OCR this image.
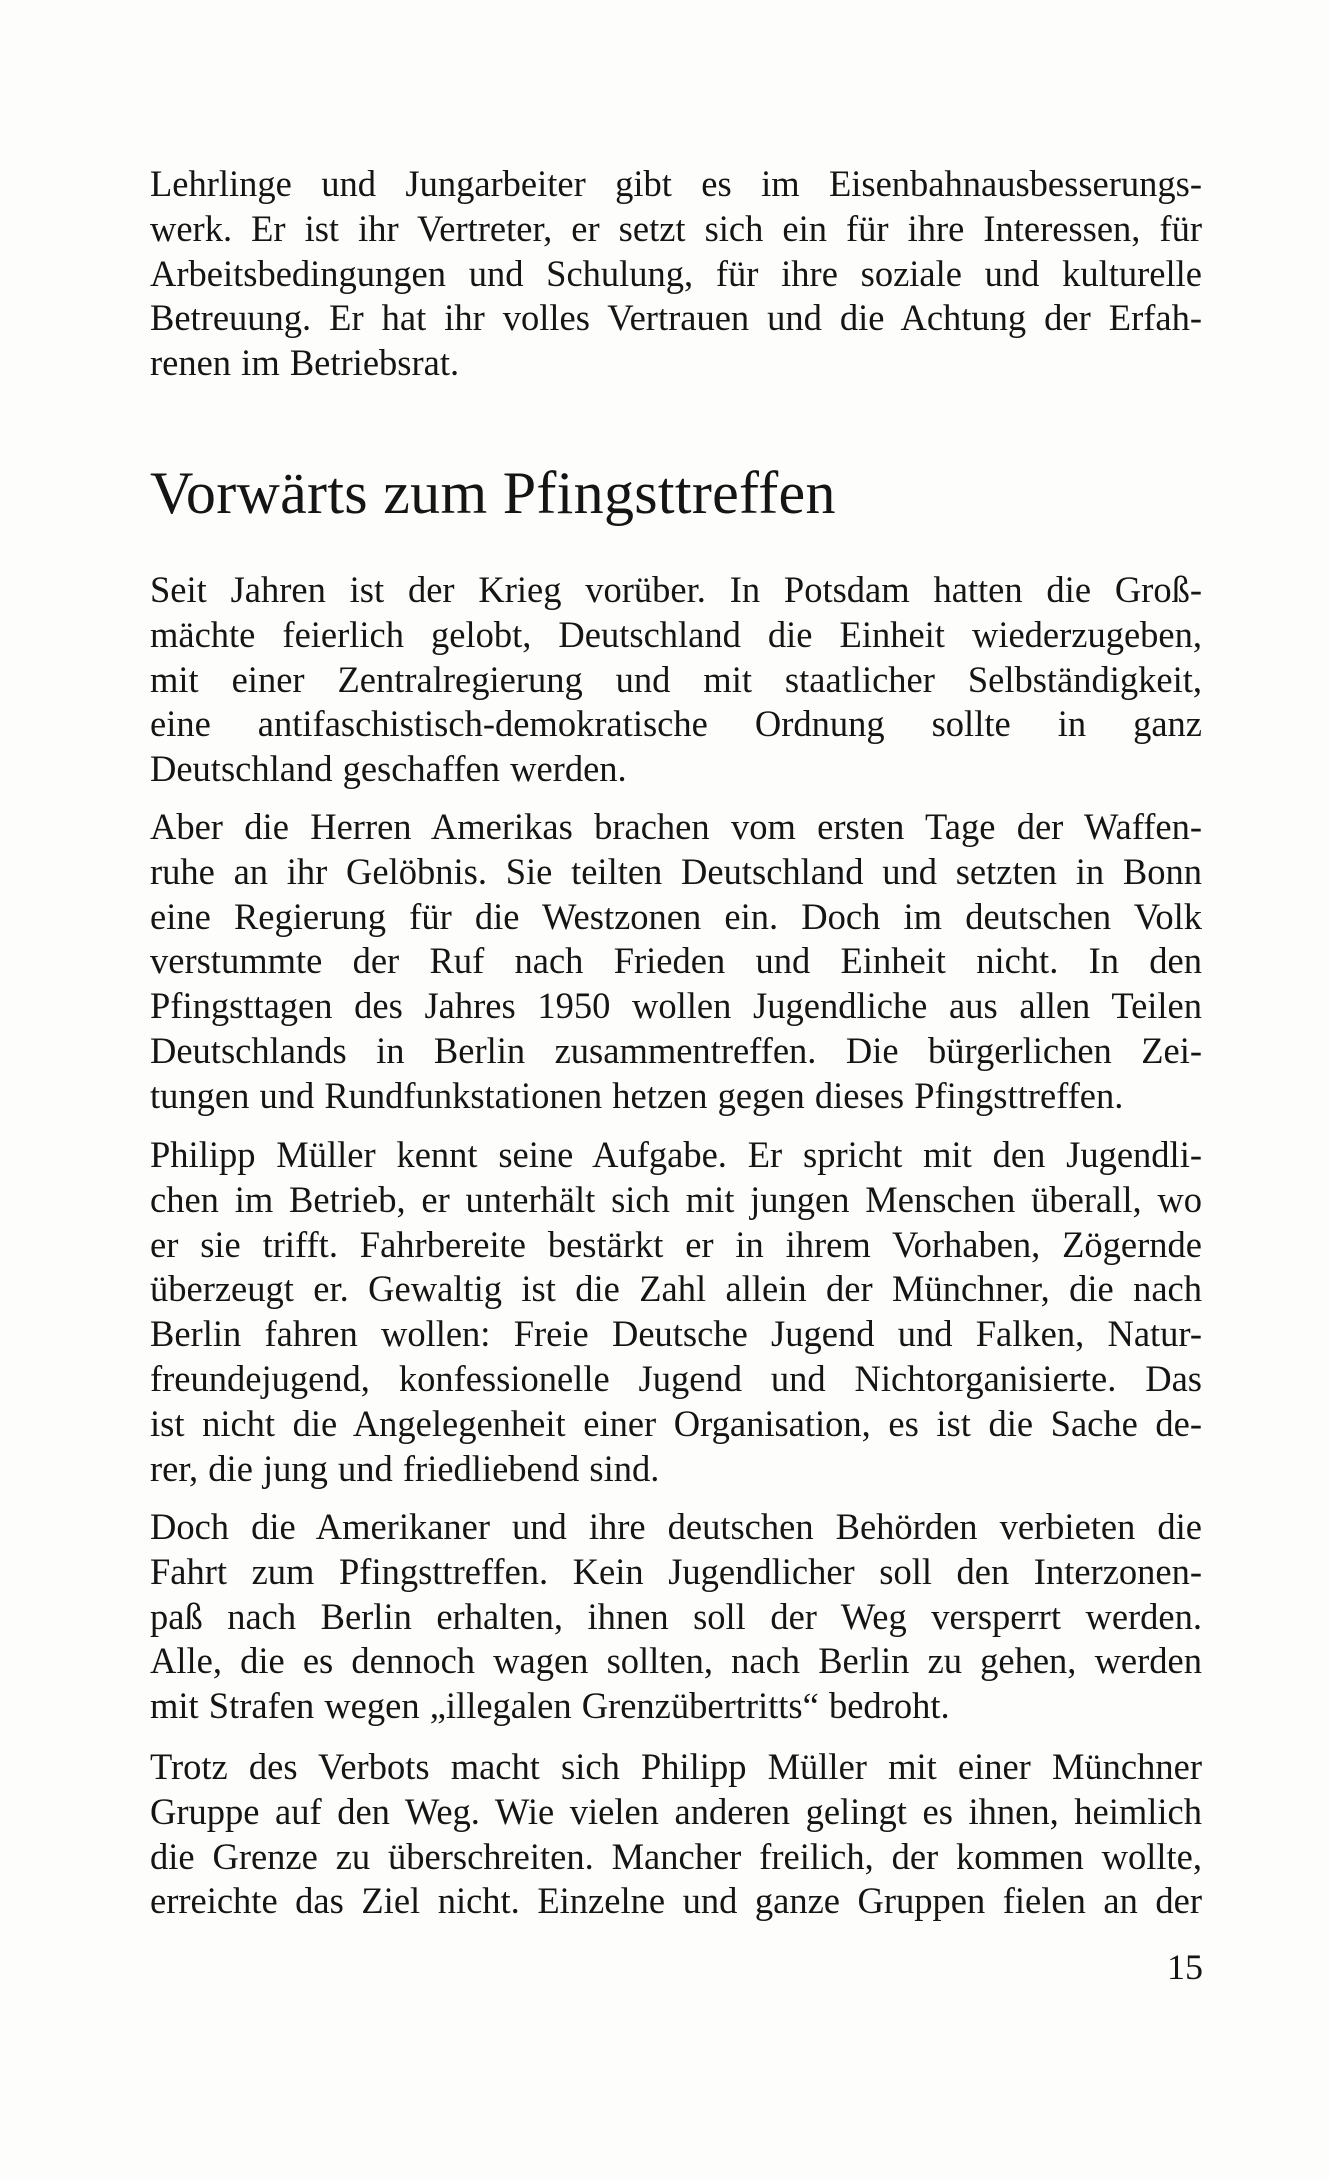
Lehrlinge und Jungarbeiter gibt es im Eisenbahnausbesserungs-
werk. Er ist ihr Vertreter, er setzt sich ein für ihre Interessen, für
Arbeitsbedingungen und Schulung, für ihre soziale und kulturelle
Betreuung. Er hat ihr volles Vertrauen und die Achtung der Erfah-
renen im Betriebsrat.
Vorwärts zum Pfingsttreffen
Seit Jahren ist der Krieg vorüber. In Potsdam hatten die Groß-
mächte feierlich gelobt, Deutschland die Einheit wiederzugeben,
mit einer Zentralregierung und mit staatlicher Selbständigkeit,
eine antifaschistisch-demokratische Ordnung sollte in ganz
Deutschland geschaffen werden.
Aber die Herren Amerikas brachen vom ersten Tage der Waffen-
ruhe an ihr Gelöbnis. Sie teilten Deutschland und setzten in Bonn
eine Regierung für die Westzonen ein. Doch im deutschen Volk
verstummte der Ruf nach Frieden und Einheit nicht. In den
Pfingsttagen des Jahres 1950 wollen Jugendliche aus allen Teilen
Deutschlands in Berlin zusammentreffen. Die bürgerlichen Zei-
tungen und Rundfunkstationen hetzen gegen dieses Pfingsttreffen.
Philipp Müller kennt seine Aufgabe. Er spricht mit den Jugendli-
chen im Betrieb, er unterhält sich mit jungen Menschen überall, wo
er sie trifft. Fahrbereite bestärkt er in ihrem Vorhaben, Zögernde
überzeugt er. Gewaltig ist die Zahl allein der Münchner, die nach
Berlin fahren wollen: Freie Deutsche Jugend und Falken, Natur-
freundejugend, konfessionelle Jugend und Nichtorganisierte. Das
ist nicht die Angelegenheit einer Organisation, es ist die Sache de-
rer, die jung und friedliebend sind.
Doch die Amerikaner und ihre deutschen Behörden verbieten die
Fahrt zum Pfingsttreffen. Kein Jugendlicher soll den Interzonen-
paß nach Berlin erhalten, ihnen soll der Weg versperrt werden.
Alle, die es dennoch wagen sollten, nach Berlin zu gehen, werden
mit Strafen wegen „illegalen Grenzübertritts“ bedroht.
Trotz des Verbots macht sich Philipp Müller mit einer Münchner
Gruppe auf den Weg. Wie vielen anderen gelingt es ihnen, heimlich
die Grenze zu überschreiten. Mancher freilich, der kommen wollte,
erreichte das Ziel nicht. Einzelne und ganze Gruppen fielen an der
15
